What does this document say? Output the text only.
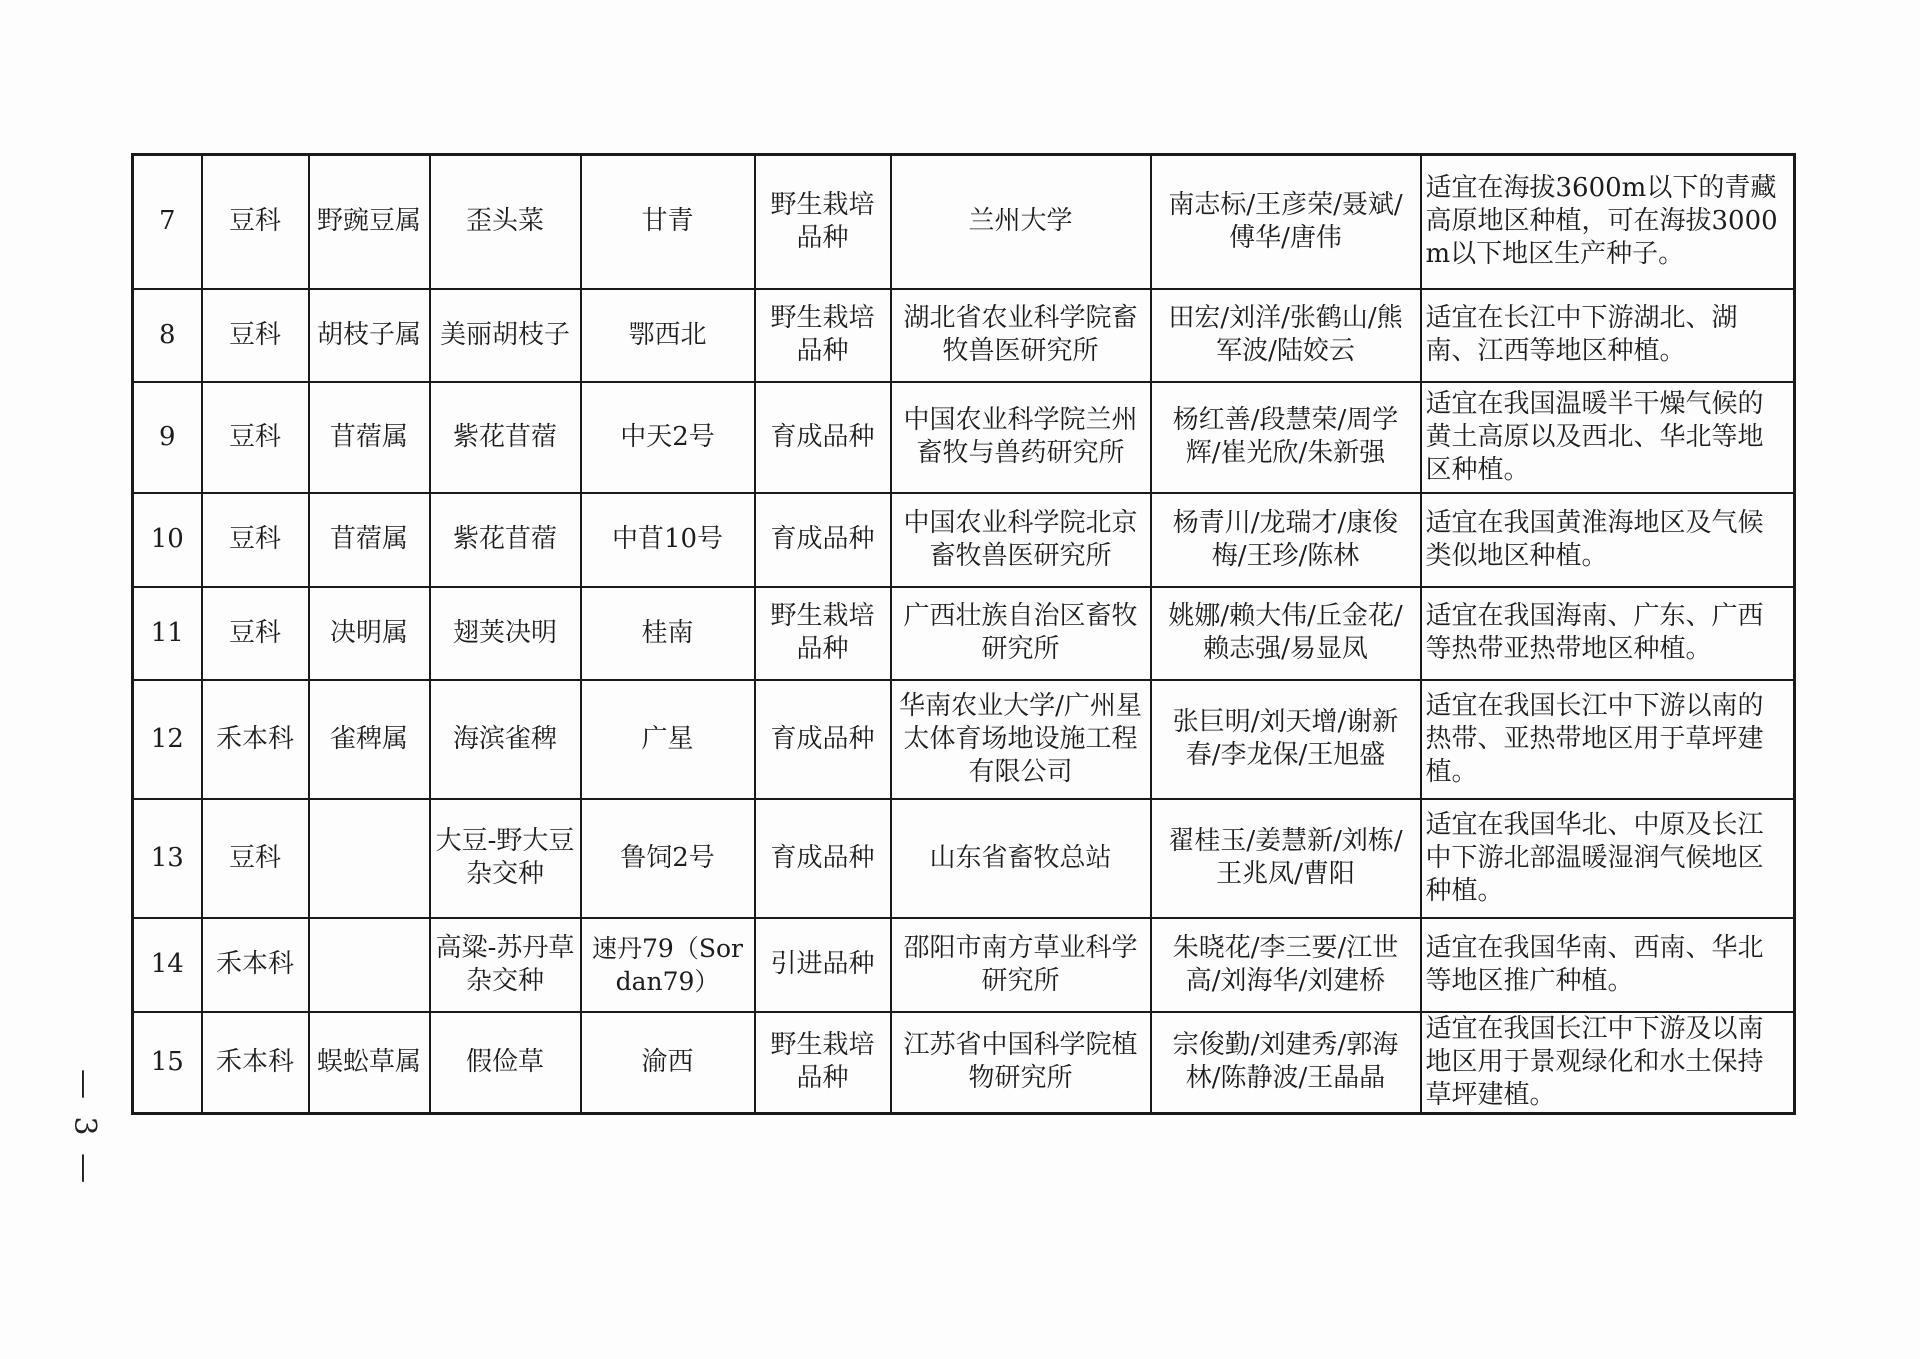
7	豆科	野豌豆属	歪头菜	甘青	野生栽培品种	兰州大学	南志标/王彦荣/聂斌/傅华/唐伟	适宜在海拔3600m以下的青藏高原地区种植，可在海拔3000m以下地区生产种子。
8	豆科	胡枝子属	美丽胡枝子	鄂西北	野生栽培品种	湖北省农业科学院畜牧兽医研究所	田宏/刘洋/张鹤山/熊军波/陆姣云	适宜在长江中下游湖北、湖南、江西等地区种植。
9	豆科	苜蓿属	紫花苜蓿	中天2号	育成品种	中国农业科学院兰州畜牧与兽药研究所	杨红善/段慧荣/周学辉/崔光欣/朱新强	适宜在我国温暖半干燥气候的黄土高原以及西北、华北等地区种植。
10	豆科	苜蓿属	紫花苜蓿	中苜10号	育成品种	中国农业科学院北京畜牧兽医研究所	杨青川/龙瑞才/康俊梅/王珍/陈林	适宜在我国黄淮海地区及气候类似地区种植。
11	豆科	决明属	翅荚决明	桂南	野生栽培品种	广西壮族自治区畜牧研究所	姚娜/赖大伟/丘金花/赖志强/易显凤	适宜在我国海南、广东、广西等热带亚热带地区种植。
12	禾本科	雀稗属	海滨雀稗	广星	育成品种	华南农业大学/广州星太体育场地设施工程有限公司	张巨明/刘天增/谢新春/李龙保/王旭盛	适宜在我国长江中下游以南的热带、亚热带地区用于草坪建植。
13	豆科		大豆-野大豆杂交种	鲁饲2号	育成品种	山东省畜牧总站	翟桂玉/姜慧新/刘栋/王兆凤/曹阳	适宜在我国华北、中原及长江中下游北部温暖湿润气候地区种植。
14	禾本科		高粱-苏丹草杂交种	速丹79（Sordan79）	引进品种	邵阳市南方草业科学研究所	朱晓花/李三要/江世高/刘海华/刘建桥	适宜在我国华南、西南、华北等地区推广种植。
15	禾本科	蜈蚣草属	假俭草	渝西	野生栽培品种	江苏省中国科学院植物研究所	宗俊勤/刘建秀/郭海林/陈静波/王晶晶	适宜在我国长江中下游及以南地区用于景观绿化和水土保持草坪建植。
— 3 —
